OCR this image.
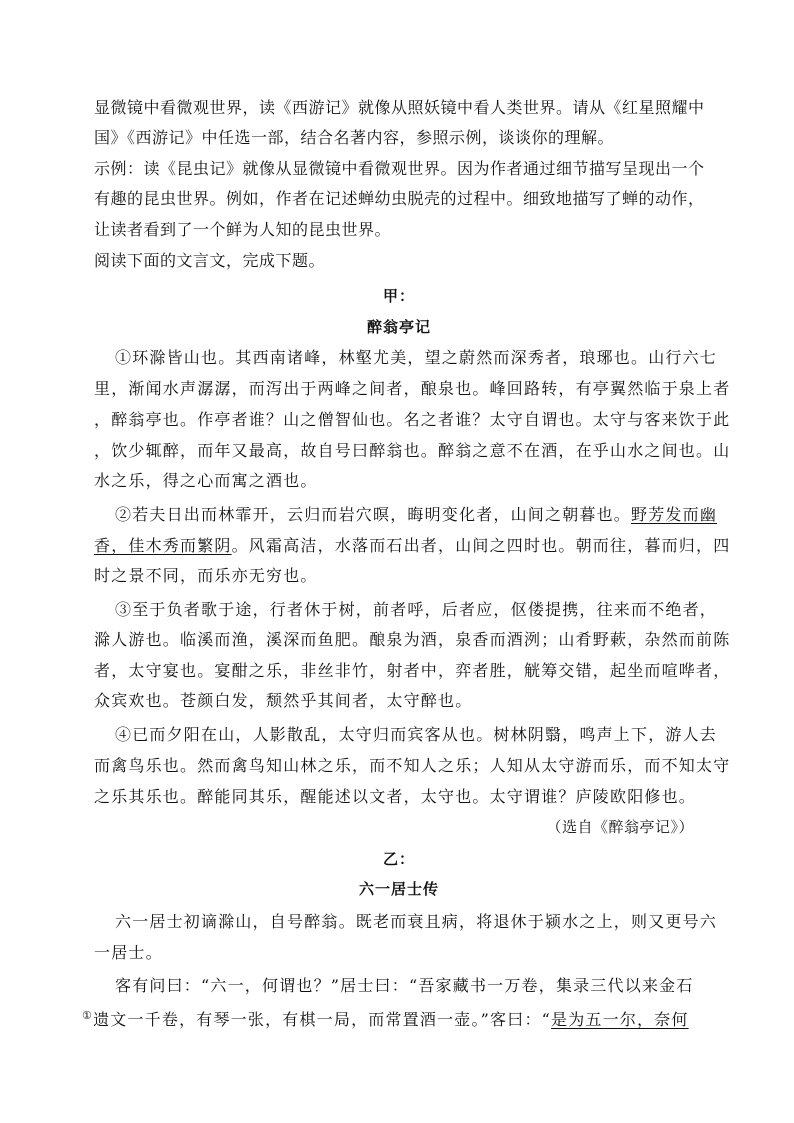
显微镜中看微观世界，读《西游记》就像从照妖镜中看人类世界。请从《红星照耀中
国》《西游记》中任选一部，结合名著内容，参照示例，谈谈你的理解。
示例：读《昆虫记》就像从显微镜中看微观世界。因为作者通过细节描写呈现出一个
有趣的昆虫世界。例如，作者在记述蝉幼虫脱壳的过程中。细致地描写了蝉的动作，
让读者看到了一个鲜为人知的昆虫世界。
阅读下面的文言文，完成下题。
甲：
醉翁亭记
①环滁皆山也。其西南诸峰，林壑尤美，望之蔚然而深秀者，琅琊也。山行六七
里，渐闻水声潺潺，而泻出于两峰之间者，酿泉也。峰回路转，有亭翼然临于泉上者
，醉翁亭也。作亭者谁？山之僧智仙也。名之者谁？太守自谓也。太守与客来饮于此
，饮少辄醉，而年又最高，故自号曰醉翁也。醉翁之意不在酒，在乎山水之间也。山
水之乐，得之心而寓之酒也。
②若夫日出而林霏开，云归而岩穴暝，晦明变化者，山间之朝暮也。野芳发而幽
香，佳木秀而繁阴。风霜高洁，水落而石出者，山间之四时也。朝而往，暮而归，四
时之景不同，而乐亦无穷也。
③至于负者歌于途，行者休于树，前者呼，后者应，伛偻提携，往来而不绝者，
滁人游也。临溪而渔，溪深而鱼肥。酿泉为酒，泉香而酒洌；山肴野蔌，杂然而前陈
者，太守宴也。宴酣之乐，非丝非竹，射者中，弈者胜，觥筹交错，起坐而喧哗者，
众宾欢也。苍颜白发，颓然乎其间者，太守醉也。
④已而夕阳在山，人影散乱，太守归而宾客从也。树林阴翳，鸣声上下，游人去
而禽鸟乐也。然而禽鸟知山林之乐，而不知人之乐；人知从太守游而乐，而不知太守
之乐其乐也。醉能同其乐，醒能述以文者，太守也。太守谓谁？庐陵欧阳修也。
（选自《醉翁亭记》）
乙：
六一居士传
六一居士初谪滁山，自号醉翁。既老而衰且病，将退休于颍水之上，则又更号六
一居士。
客有问曰：“六一，何谓也？”居士曰：“吾家藏书一万卷，集录三代以来金石
①遗文一千卷，有琴一张，有棋一局，而常置酒一壶。”客曰：“是为五一尔，奈何
